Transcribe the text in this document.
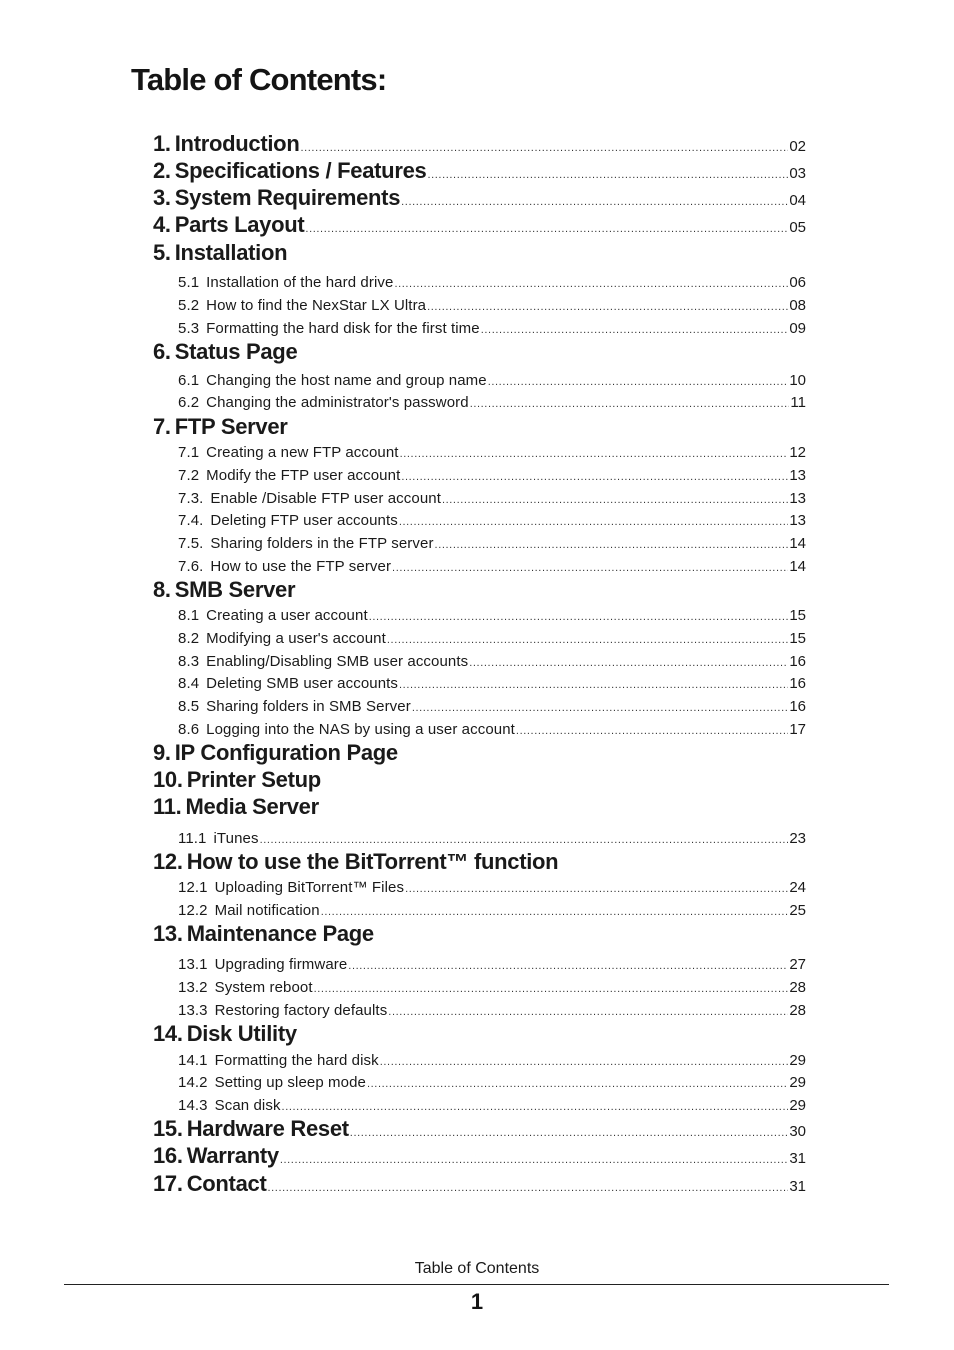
Table of Contents:
1. Introduction .....	02
2. Specifications / Features .....	03
3. System Requirements .....	04
4. Parts Layout .....	05
5. Installation
5.1 Installation of the hard drive .....	06
5.2 How to find the NexStar LX Ultra .....	08
5.3 Formatting the hard disk for the first time .....	09
6. Status Page
6.1 Changing the host name and group name .....	10
6.2 Changing the administrator's password .....	11
7. FTP Server
7.1 Creating a new FTP account .....	12
7.2 Modify the FTP user account .....	13
7.3. Enable /Disable FTP user account .....	13
7.4. Deleting FTP user accounts .....	13
7.5. Sharing folders in the FTP server .....	14
7.6. How to use the FTP server .....	14
8. SMB Server
8.1 Creating a user account .....	15
8.2 Modifying a user's account .....	15
8.3 Enabling/Disabling SMB user accounts .....	16
8.4 Deleting SMB user accounts .....	16
8.5 Sharing folders in SMB Server .....	16
8.6 Logging into the NAS by using a user account .....	17
9. IP Configuration Page
10. Printer Setup
11. Media Server
11.1 iTunes .....	23
12. How to use the BitTorrent™ function
12.1 Uploading BitTorrent™ Files .....	24
12.2 Mail notification .....	25
13. Maintenance Page
13.1 Upgrading firmware .....	27
13.2 System reboot .....	28
13.3 Restoring factory defaults .....	28
14. Disk Utility
14.1 Formatting the hard disk .....	29
14.2 Setting up sleep mode .....	29
14.3 Scan disk .....	29
15. Hardware Reset .....	30
16. Warranty .....	31
17. Contact .....	31
Table of Contents
1
